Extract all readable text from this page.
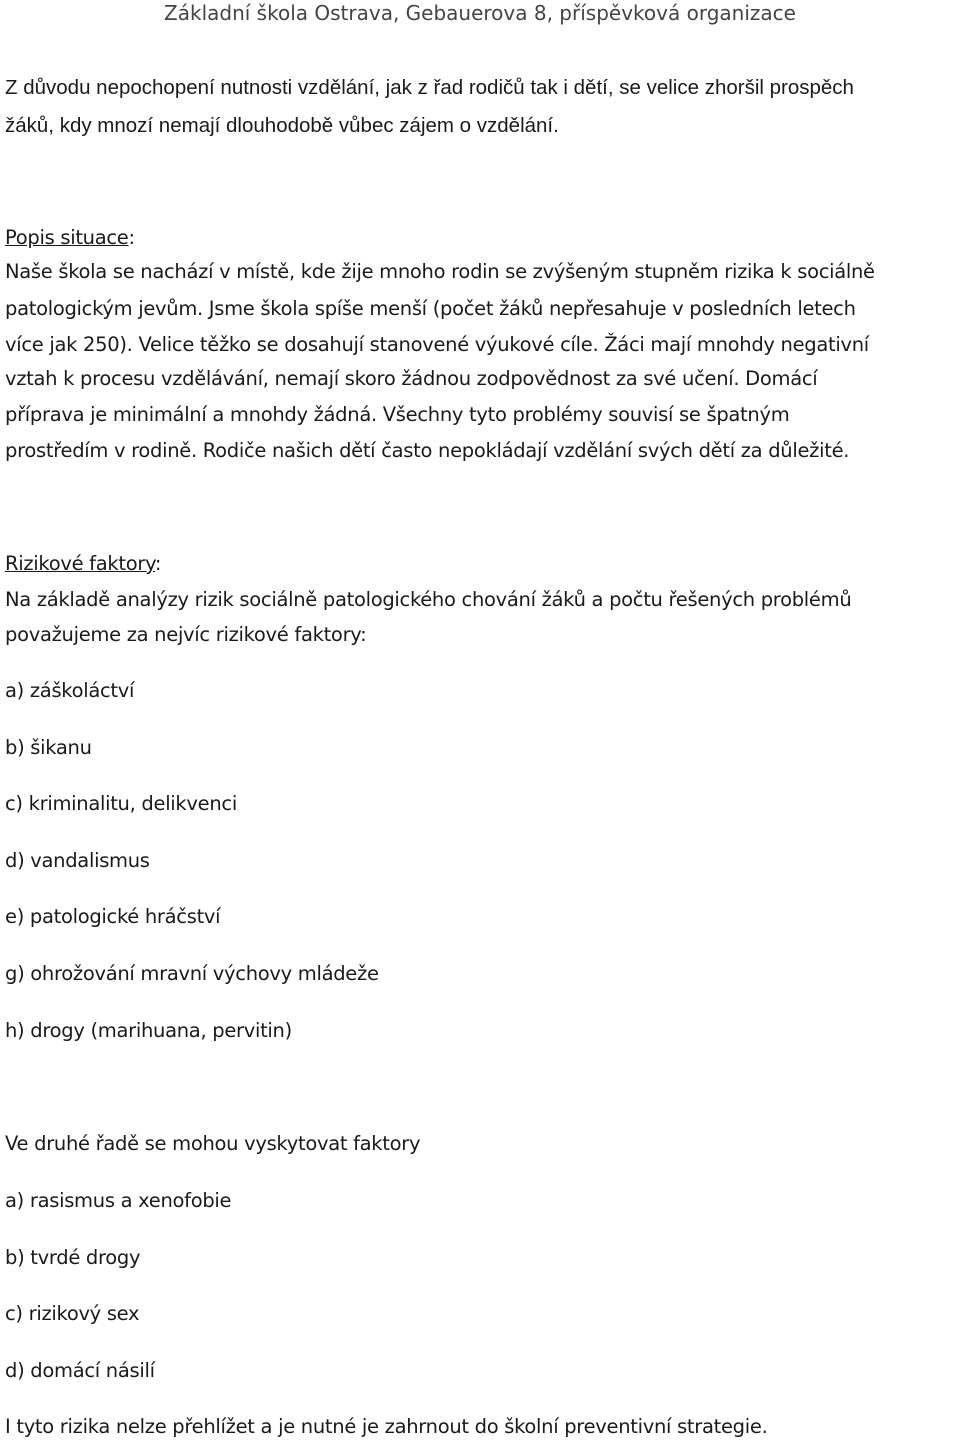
Základní škola Ostrava, Gebauerova 8, příspěvková organizace
Z důvodu nepochopení nutnosti vzdělání, jak z řad rodičů tak i dětí, se velice zhoršil prospěch
žáků, kdy mnozí nemají dlouhodobě vůbec zájem o vzdělání.
Popis situace:
Naše škola se nachází v místě, kde žije mnoho rodin se zvýšeným stupněm rizika k sociálně
patologickým jevům. Jsme škola spíše menší (počet žáků nepřesahuje v posledních letech
více jak 250). Velice těžko se dosahují stanovené výukové cíle. Žáci mají mnohdy negativní
vztah k procesu vzdělávání, nemají skoro žádnou zodpovědnost za své učení. Domácí
příprava je minimální a mnohdy žádná. Všechny tyto problémy souvisí se špatným
prostředím v rodině. Rodiče našich dětí často nepokládají vzdělání svých dětí za důležité.
Rizikové faktory:
Na základě analýzy rizik sociálně patologického chování žáků a počtu řešených problémů
považujeme za nejvíc rizikové faktory:
a) záškoláctví
b) šikanu
c) kriminalitu, delikvenci
d) vandalismus
e) patologické hráčství
g) ohrožování mravní výchovy mládeže
h) drogy (marihuana, pervitin)
Ve druhé řadě se mohou vyskytovat faktory
a) rasismus a xenofobie
b) tvrdé drogy
c) rizikový sex
d) domácí násilí
I tyto rizika nelze přehlížet a je nutné je zahrnout do školní preventivní strategie.
